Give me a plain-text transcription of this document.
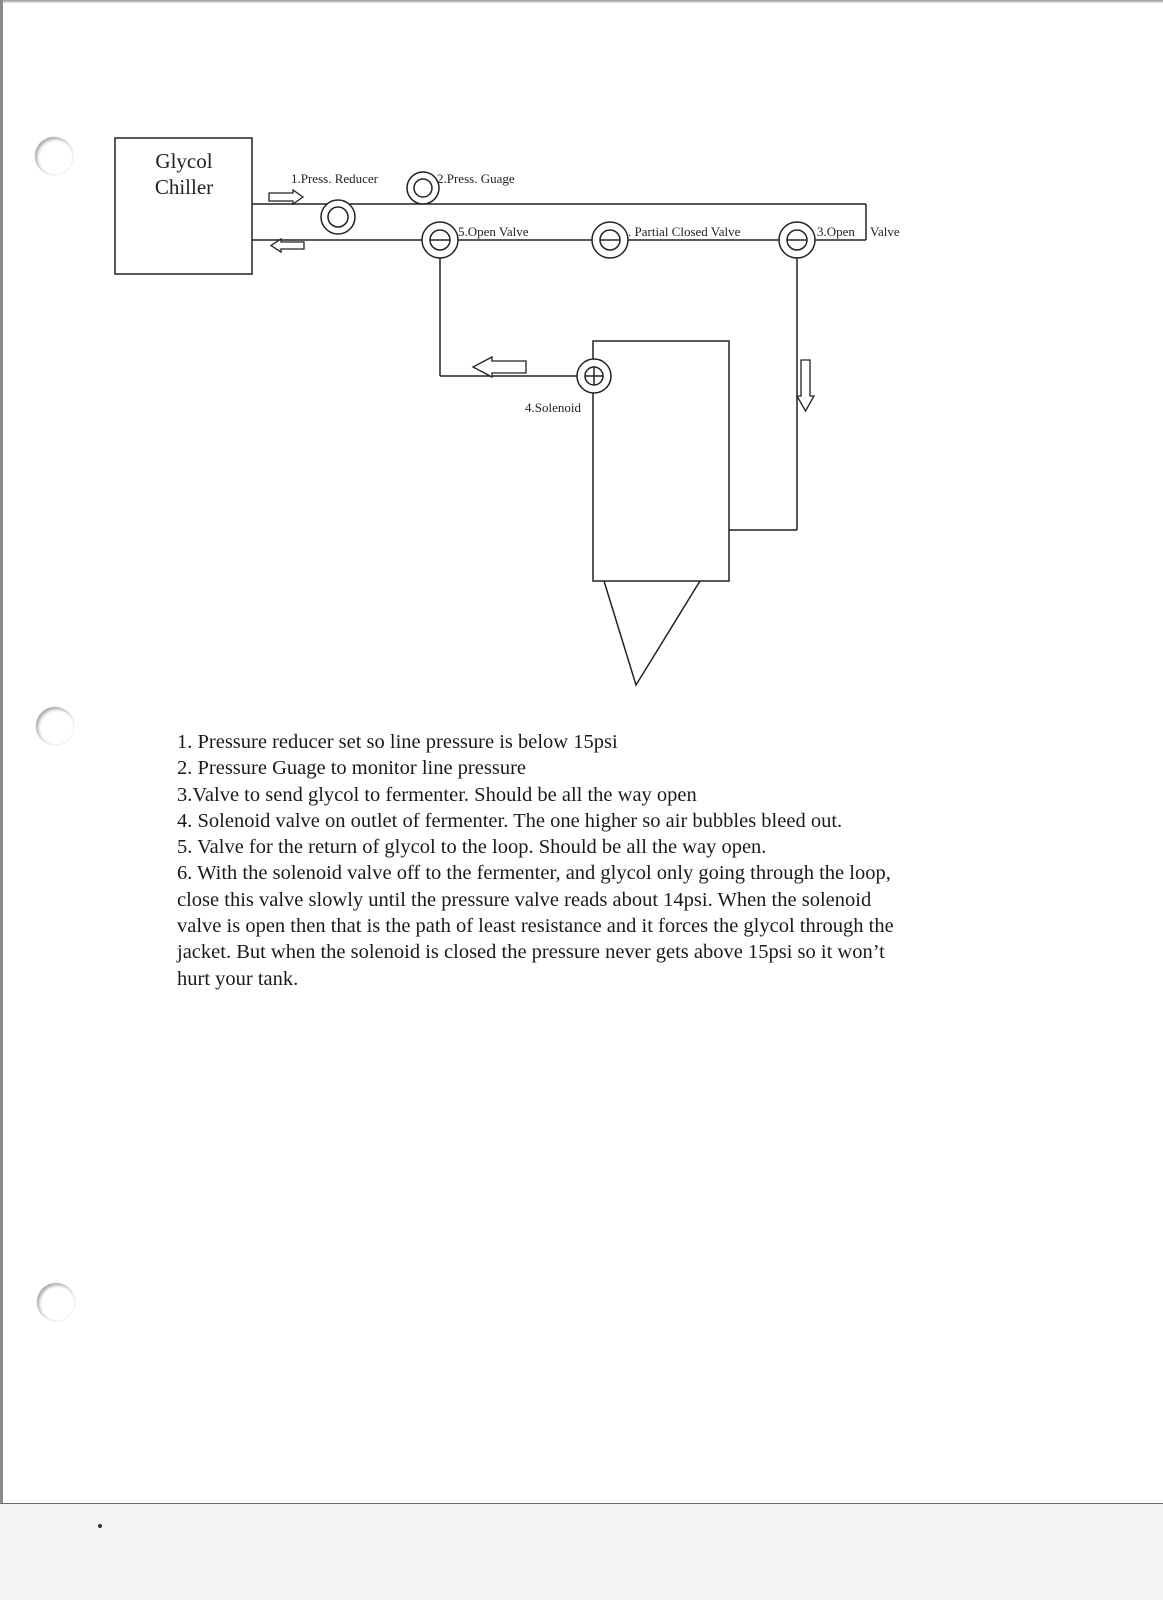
Glycol
Chiller	1.Press. Reducer	2.Press. Guage
5.Open Valve	. Partial Closed Valve	3.Open Valve
4.Solenoid
1. Pressure reducer set so line pressure is below 15psi
2. Pressure Guage to monitor line pressure
3.Valve to send glycol to fermenter. Should be all the way open
4. Solenoid valve on outlet of fermenter. The one higher so air bubbles bleed out.
5. Valve for the return of glycol to the loop. Should be all the way open.
6. With the solenoid valve off to the fermenter, and glycol only going through the loop,
close this valve slowly until the pressure valve reads about 14psi. When the solenoid
valve is open then that is the path of least resistance and it forces the glycol through the
jacket. But when the solenoid is closed the pressure never gets above 15psi so it won’t
hurt your tank.
